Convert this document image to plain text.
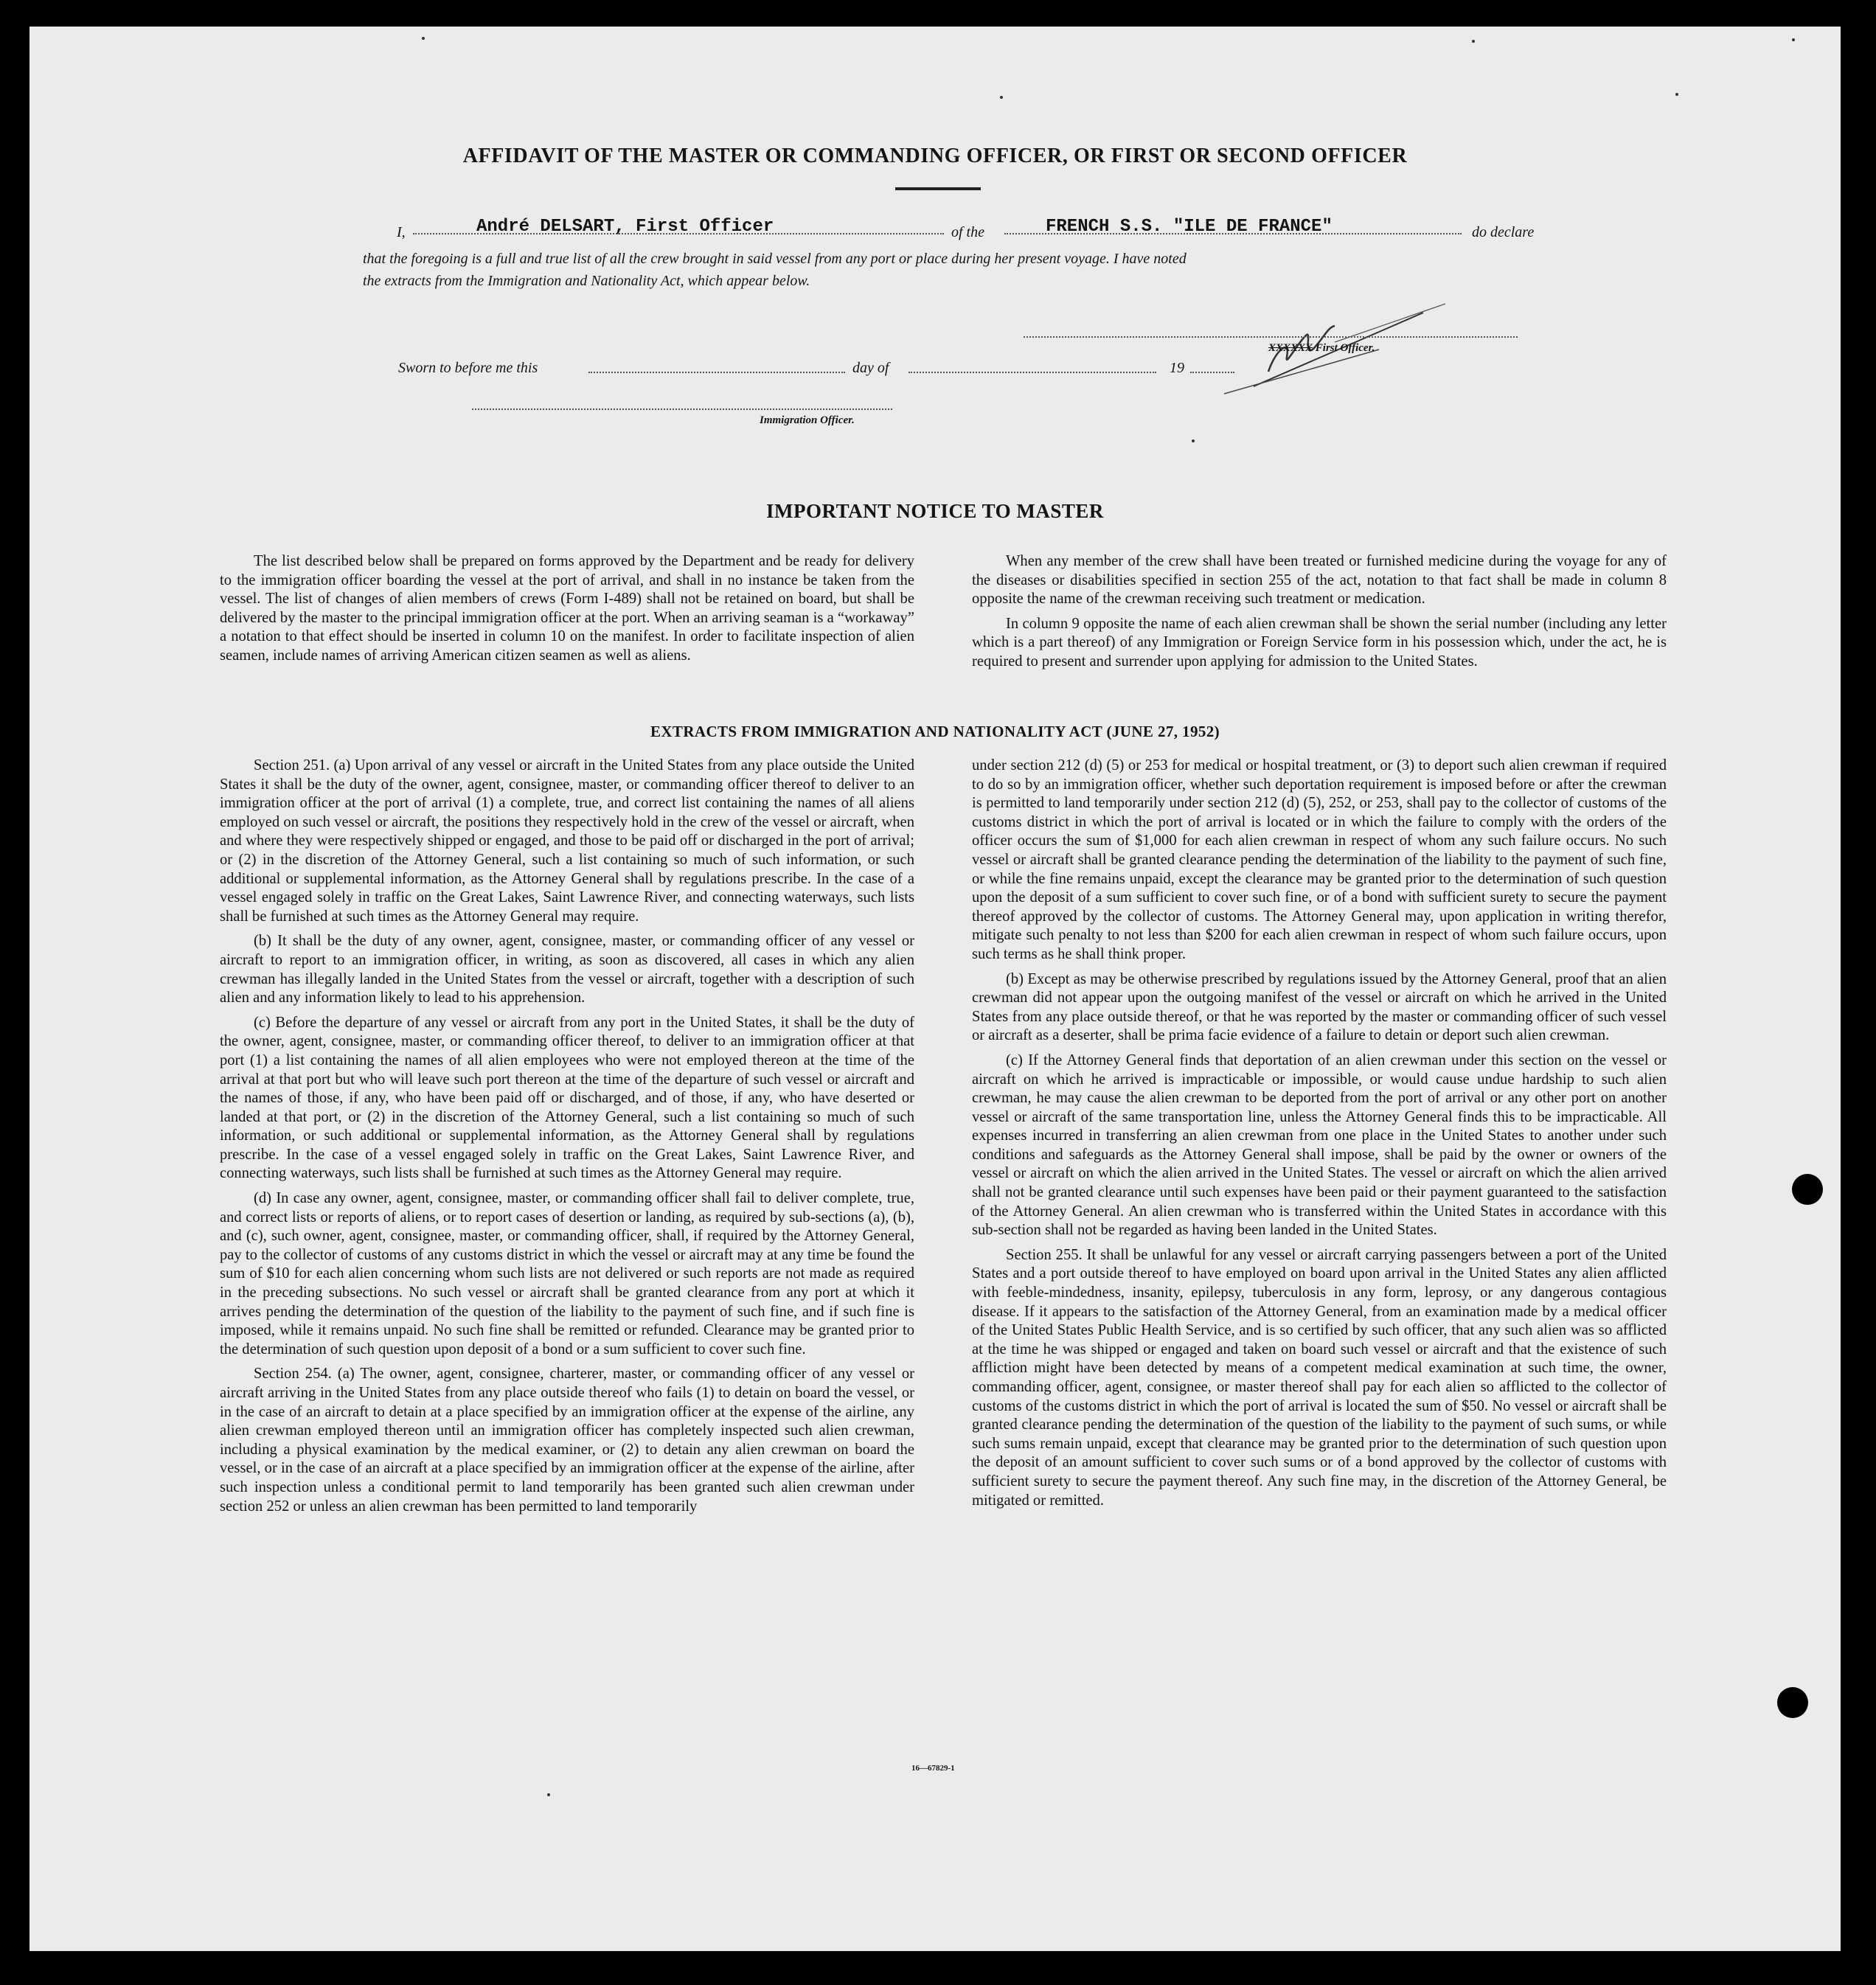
AFFIDAVIT OF THE MASTER OR COMMANDING OFFICER, OR FIRST OR SECOND OFFICER
I,	André DELSART, First Officer	of the	FRENCH S.S. "ILE DE FRANCE"	do declare
that the foregoing is a full and true list of all the crew brought in said vessel from any port or place during her present voyage. I have noted
the extracts from the Immigration and Nationality Act, which appear below.
XXXXXX First Officer.
Sworn to before me this	day of	19
Immigration Officer.
IMPORTANT NOTICE TO MASTER

The list described below shall be prepared on forms approved by the Department and be ready for delivery to the immigration officer boarding the vessel at the port of arrival, and shall in no instance be taken from the vessel. The list of changes of alien members of crews (Form I-489) shall not be retained on board, but shall be delivered by the master to the principal immigration officer at the port. When an arriving seaman is a “workaway” a notation to that effect should be inserted in column 10 on the manifest. In order to facilitate inspection of alien seamen, include names of arriving American citizen seamen as well as aliens.

When any member of the crew shall have been treated or furnished medicine during the voyage for any of the diseases or disabilities specified in section 255 of the act, notation to that fact shall be made in column 8 opposite the name of the crewman receiving such treatment or medication.

In column 9 opposite the name of each alien crewman shall be shown the serial number (including any letter which is a part thereof) of any Immigration or Foreign Service form in his possession which, under the act, he is required to present and surrender upon applying for admission to the United States.

EXTRACTS FROM IMMIGRATION AND NATIONALITY ACT (JUNE 27, 1952)

Section 251. (a) Upon arrival of any vessel or aircraft in the United States from any place outside the United States it shall be the duty of the owner, agent, consignee, master, or commanding officer thereof to deliver to an immigration officer at the port of arrival (1) a complete, true, and correct list containing the names of all aliens employed on such vessel or aircraft, the positions they respectively hold in the crew of the vessel or aircraft, when and where they were respectively shipped or engaged, and those to be paid off or discharged in the port of arrival; or (2) in the discretion of the Attorney General, such a list containing so much of such information, or such additional or supplemental information, as the Attorney General shall by regulations prescribe. In the case of a vessel engaged solely in traffic on the Great Lakes, Saint Lawrence River, and connecting waterways, such lists shall be furnished at such times as the Attorney General may require.

(b) It shall be the duty of any owner, agent, consignee, master, or commanding officer of any vessel or aircraft to report to an immigration officer, in writing, as soon as discovered, all cases in which any alien crewman has illegally landed in the United States from the vessel or aircraft, together with a description of such alien and any information likely to lead to his apprehension.

(c) Before the departure of any vessel or aircraft from any port in the United States, it shall be the duty of the owner, agent, consignee, master, or commanding officer thereof, to deliver to an immigration officer at that port (1) a list containing the names of all alien employees who were not employed thereon at the time of the arrival at that port but who will leave such port thereon at the time of the departure of such vessel or aircraft and the names of those, if any, who have been paid off or discharged, and of those, if any, who have deserted or landed at that port, or (2) in the discretion of the Attorney General, such a list containing so much of such information, or such additional or supplemental information, as the Attorney General shall by regulations prescribe. In the case of a vessel engaged solely in traffic on the Great Lakes, Saint Lawrence River, and connecting waterways, such lists shall be furnished at such times as the Attorney General may require.

(d) In case any owner, agent, consignee, master, or commanding officer shall fail to deliver complete, true, and correct lists or reports of aliens, or to report cases of desertion or landing, as required by sub-sections (a), (b), and (c), such owner, agent, consignee, master, or commanding officer, shall, if required by the Attorney General, pay to the collector of customs of any customs district in which the vessel or aircraft may at any time be found the sum of $10 for each alien concerning whom such lists are not delivered or such reports are not made as required in the preceding subsections. No such vessel or aircraft shall be granted clearance from any port at which it arrives pending the determination of the question of the liability to the payment of such fine, and if such fine is imposed, while it remains unpaid. No such fine shall be remitted or refunded. Clearance may be granted prior to the determination of such question upon deposit of a bond or a sum sufficient to cover such fine.

Section 254. (a) The owner, agent, consignee, charterer, master, or commanding officer of any vessel or aircraft arriving in the United States from any place outside thereof who fails (1) to detain on board the vessel, or in the case of an aircraft to detain at a place specified by an immigration officer at the expense of the airline, any alien crewman employed thereon until an immigration officer has completely inspected such alien crewman, including a physical examination by the medical examiner, or (2) to detain any alien crewman on board the vessel, or in the case of an aircraft at a place specified by an immigration officer at the expense of the airline, after such inspection unless a conditional permit to land temporarily has been granted such alien crewman under section 252 or unless an alien crewman has been permitted to land temporarily

under section 212 (d) (5) or 253 for medical or hospital treatment, or (3) to deport such alien crewman if required to do so by an immigration officer, whether such deportation requirement is imposed before or after the crewman is permitted to land temporarily under section 212 (d) (5), 252, or 253, shall pay to the collector of customs of the customs district in which the port of arrival is located or in which the failure to comply with the orders of the officer occurs the sum of $1,000 for each alien crewman in respect of whom any such failure occurs. No such vessel or aircraft shall be granted clearance pending the determination of the liability to the payment of such fine, or while the fine remains unpaid, except the clearance may be granted prior to the determination of such question upon the deposit of a sum sufficient to cover such fine, or of a bond with sufficient surety to secure the payment thereof approved by the collector of customs. The Attorney General may, upon application in writing therefor, mitigate such penalty to not less than $200 for each alien crewman in respect of whom such failure occurs, upon such terms as he shall think proper.

(b) Except as may be otherwise prescribed by regulations issued by the Attorney General, proof that an alien crewman did not appear upon the outgoing manifest of the vessel or aircraft on which he arrived in the United States from any place outside thereof, or that he was reported by the master or commanding officer of such vessel or aircraft as a deserter, shall be prima facie evidence of a failure to detain or deport such alien crewman.

(c) If the Attorney General finds that deportation of an alien crewman under this section on the vessel or aircraft on which he arrived is impracticable or impossible, or would cause undue hardship to such alien crewman, he may cause the alien crewman to be deported from the port of arrival or any other port on another vessel or aircraft of the same transportation line, unless the Attorney General finds this to be impracticable. All expenses incurred in transferring an alien crewman from one place in the United States to another under such conditions and safeguards as the Attorney General shall impose, shall be paid by the owner or owners of the vessel or aircraft on which the alien arrived in the United States. The vessel or aircraft on which the alien arrived shall not be granted clearance until such expenses have been paid or their payment guaranteed to the satisfaction of the Attorney General. An alien crewman who is transferred within the United States in accordance with this sub-section shall not be regarded as having been landed in the United States.

Section 255. It shall be unlawful for any vessel or aircraft carrying passengers between a port of the United States and a port outside thereof to have employed on board upon arrival in the United States any alien afflicted with feeble-mindedness, insanity, epilepsy, tuberculosis in any form, leprosy, or any dangerous contagious disease. If it appears to the satisfaction of the Attorney General, from an examination made by a medical officer of the United States Public Health Service, and is so certified by such officer, that any such alien was so afflicted at the time he was shipped or engaged and taken on board such vessel or aircraft and that the existence of such affliction might have been detected by means of a competent medical examination at such time, the owner, commanding officer, agent, consignee, or master thereof shall pay for each alien so afflicted to the collector of customs of the customs district in which the port of arrival is located the sum of $50. No vessel or aircraft shall be granted clearance pending the determination of the question of the liability to the payment of such sums, or while such sums remain unpaid, except that clearance may be granted prior to the determination of such question upon the deposit of an amount sufficient to cover such sums or of a bond approved by the collector of customs with sufficient surety to secure the payment thereof. Any such fine may, in the discretion of the Attorney General, be mitigated or remitted.

16—67829-1
